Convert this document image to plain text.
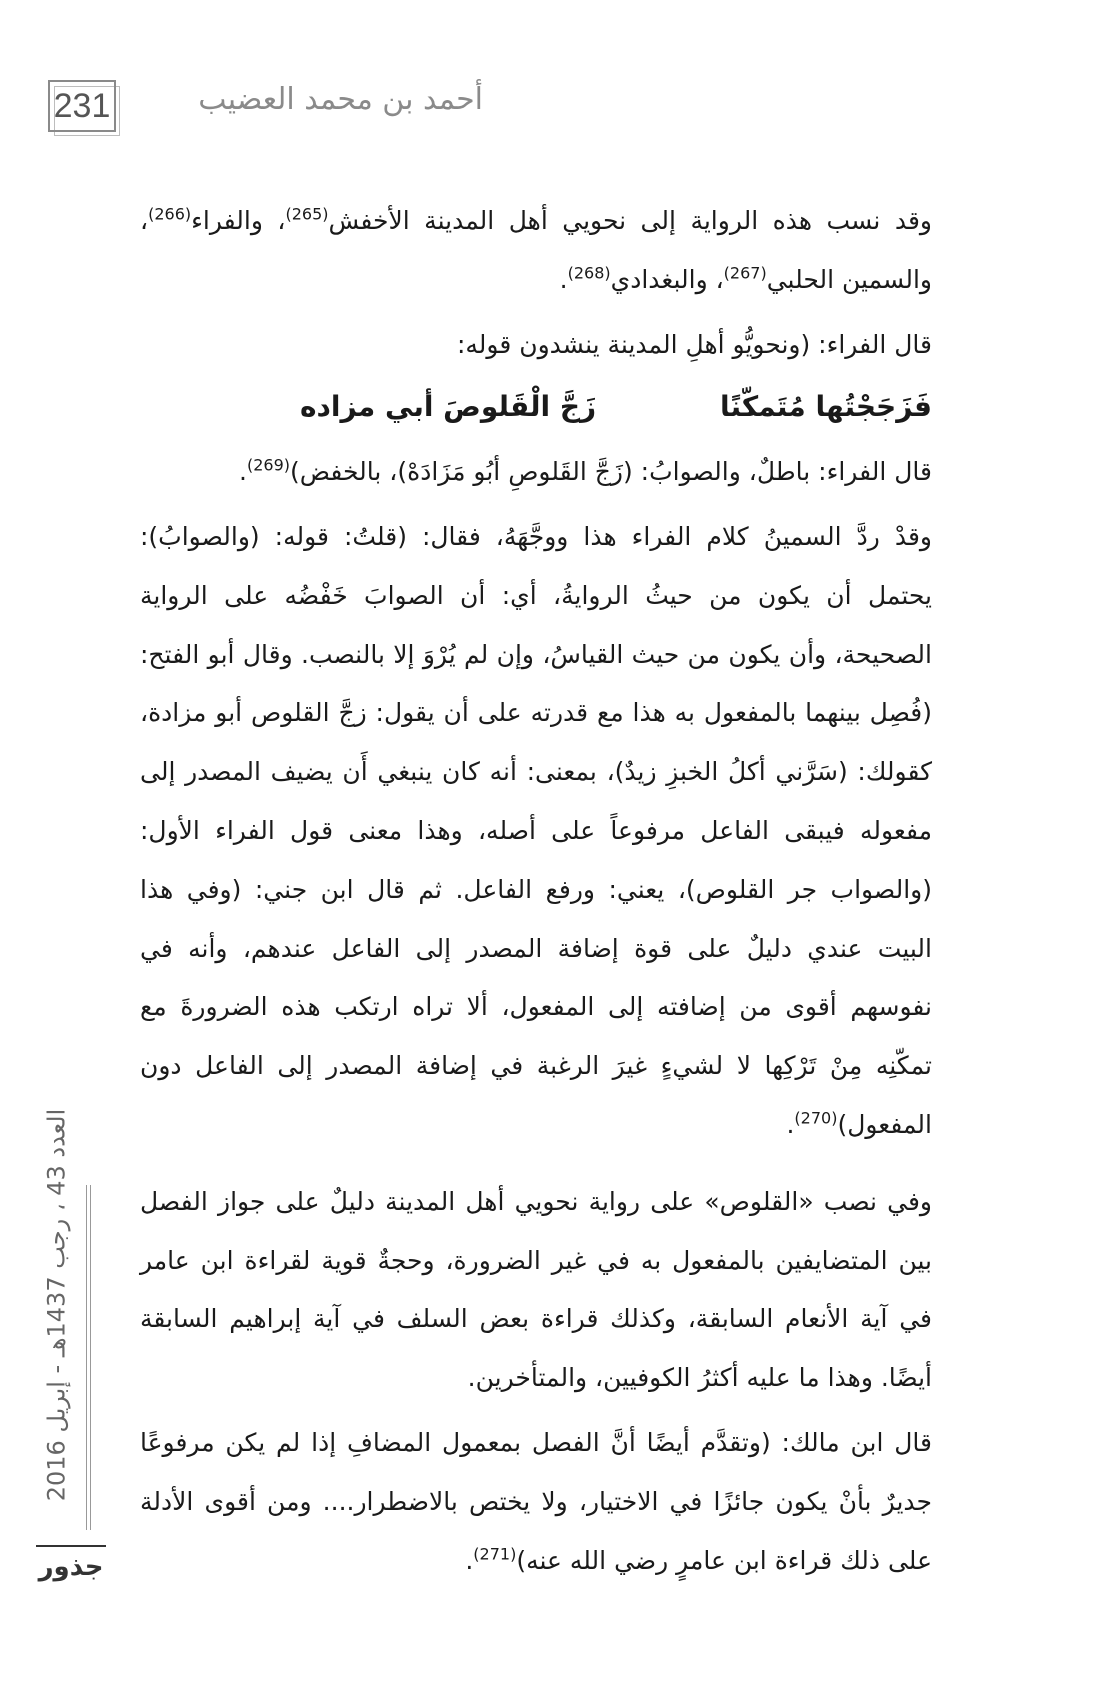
231	أحمد بن محمد العضيب

وقد نسب هذه الرواية إلى نحويي أهل المدينة الأخفش$^{(265)}$، والفراء$^{(266)}$، والسمين الحلبي$^{(267)}$، والبغدادي$^{(268)}$.

قال الفراء: (ونحويُّو أهلِ المدينة ينشدون قوله:

فَزَجَجْتُها مُتَمكّنًا
زَجَّ الْقَلوصَ أبي مزاده

قال الفراء: باطلٌ، والصوابُ: (زَجَّ القَلوصِ أبُو مَزَادَهْ)، بالخفض)$^{(269)}$.

وقدْ ردَّ السمينُ كلام الفراء هذا ووجَّهَهُ، فقال: (قلتُ: قوله: (والصوابُ): يحتمل أن يكون من حيثُ الروايةُ، أي: أن الصوابَ خَفْضُه على الرواية الصحيحة، وأن يكون من حيث القياسُ، وإن لم يُرْوَ إلا بالنصب. وقال أبو الفتح: (فُصِل بينهما بالمفعول به هذا مع قدرته على أن يقول: زجَّ القلوص أبو مزادة، كقولك: (سَرَّني أكلُ الخبزِ زيدٌ)، بمعنى: أنه كان ينبغي أَن يضيف المصدر إلى مفعوله فيبقى الفاعل مرفوعاً على أصله، وهذا معنى قول الفراء الأول: (والصواب جر القلوص)، يعني: ورفع الفاعل. ثم قال ابن جني: (وفي هذا البيت عندي دليلٌ على قوة إضافة المصدر إلى الفاعل عندهم، وأنه في نفوسهم أقوى من إضافته إلى المفعول، ألا تراه ارتكب هذه الضرورةَ مع تمكّنِه مِنْ تَرْكِها لا لشيءٍ غيرَ الرغبة في إضافة المصدر إلى الفاعل دون المفعول)$^{(270)}$.

وفي نصب «القلوص» على رواية نحويي أهل المدينة دليلٌ على جواز الفصل بين المتضايفين بالمفعول به في غير الضرورة، وحجةٌ قوية لقراءة ابن عامر في آية الأنعام السابقة، وكذلك قراءة بعض السلف في آية إبراهيم السابقة أيضًا. وهذا ما عليه أكثرُ الكوفيين، والمتأخرين.

قال ابن مالك: (وتقدَّم أيضًا أنَّ الفصل بمعمول المضافِ إذا لم يكن مرفوعًا جديرٌ بأنْ يكون جائزًا في الاختيار، ولا يختص بالاضطرار.... ومن أقوى الأدلة على ذلك قراءة ابن عامرٍ رضي الله عنه)$^{(271)}$.

العدد 43 ، رجب 1437هـ - إبريل 2016
جذور
